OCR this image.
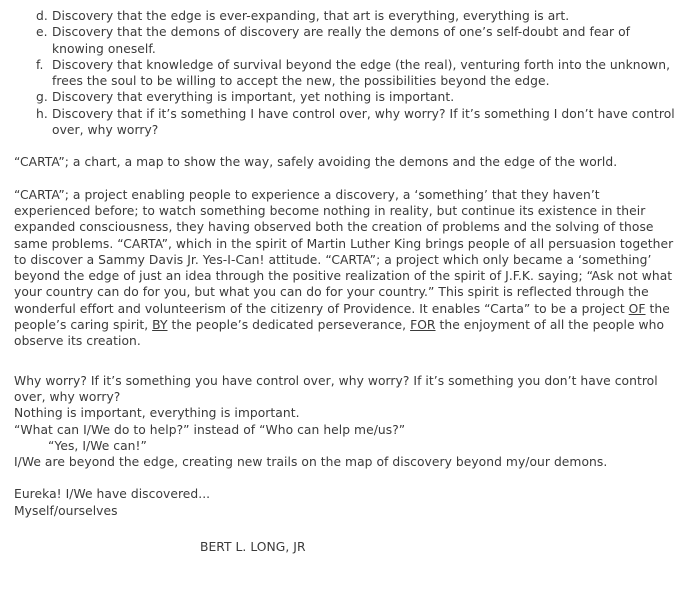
d. Discovery that the edge is ever-expanding, that art is everything, everything is art.
e. Discovery that the demons of discovery are really the demons of one’s self-doubt and fear of knowing oneself.
f. Discovery that knowledge of survival beyond the edge (the real), venturing forth into the unknown, frees the soul to be willing to accept the new, the possibilities beyond the edge.
g. Discovery that everything is important, yet nothing is important.
h. Discovery that if it’s something I have control over, why worry? If it’s something I don’t have control over, why worry?

“CARTA”; a chart, a map to show the way, safely avoiding the demons and the edge of the world.

“CARTA”; a project enabling people to experience a discovery, a ‘something’ that they haven’t experienced before; to watch something become nothing in reality, but continue its existence in their expanded consciousness, they having observed both the creation of problems and the solving of those same problems. “CARTA”, which in the spirit of Martin Luther King brings people of all persuasion together to discover a Sammy Davis Jr. Yes-I-Can! attitude. “CARTA”; a project which only became a ‘something’ beyond the edge of just an idea through the positive realization of the spirit of J.F.K. saying; “Ask not what your country can do for you, but what you can do for your country.” This spirit is reflected through the wonderful effort and volunteerism of the citizenry of Providence. It enables “Carta” to be a project OF the people’s caring spirit, BY the people’s dedicated perseverance, FOR the enjoyment of all the people who observe its creation.

Why worry? If it’s something you have control over, why worry? If it’s something you don’t have control over, why worry?
Nothing is important, everything is important.
“What can I/We do to help?” instead of “Who can help me/us?”
“Yes, I/We can!”
I/We are beyond the edge, creating new trails on the map of discovery beyond my/our demons.
Eureka! I/We have discovered...
Myself/ourselves
BERT L. LONG, JR
